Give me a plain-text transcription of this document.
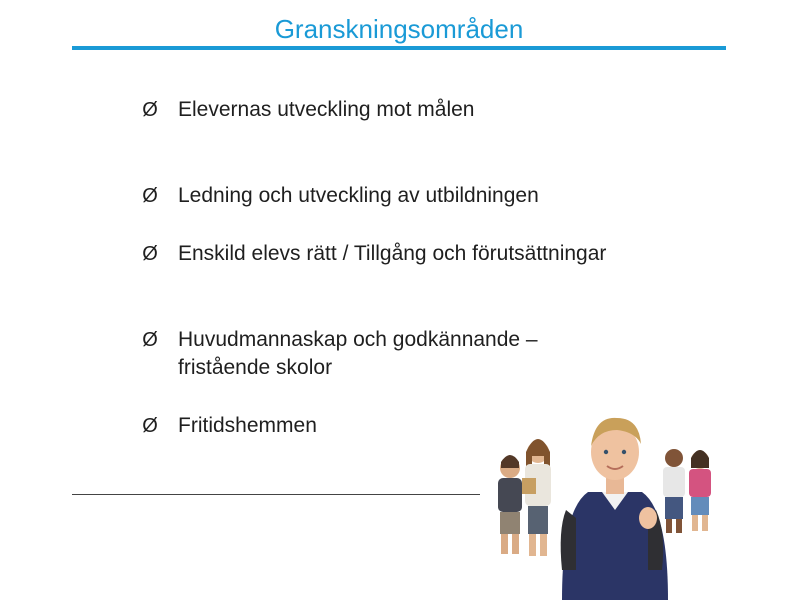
Granskningsområden
Ø Elevernas utveckling mot målen
Ø Ledning och utveckling av utbildningen
Ø Enskild elevs rätt / Tillgång och förutsättningar
Ø Huvudmannaskap och godkännande – fristående skolor
Ø Fritidshemmen
